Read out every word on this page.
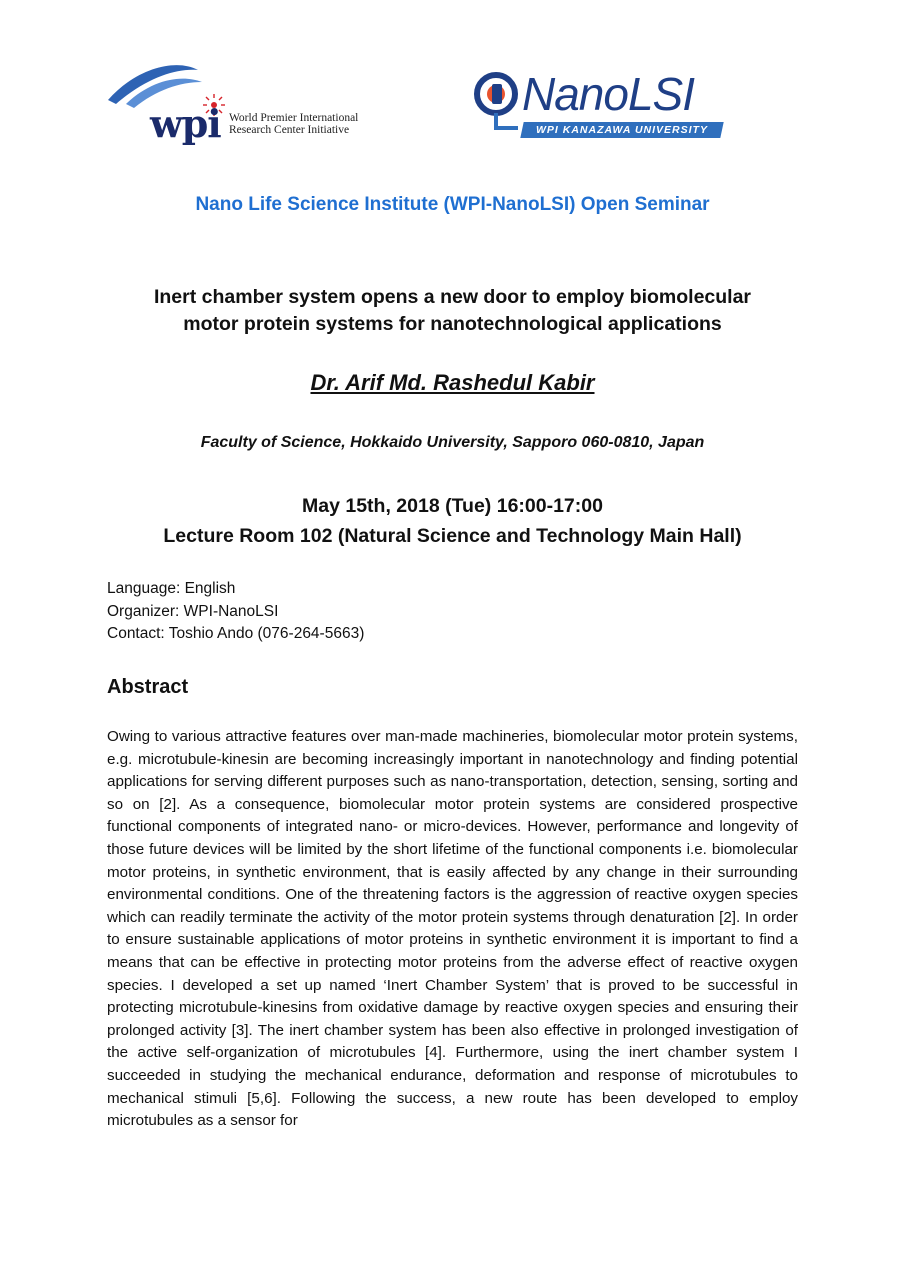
wpi World Premier International
Research Center Initiative
NanoLSI
WPI KANAZAWA UNIVERSITY
Nano Life Science Institute (WPI-NanoLSI) Open Seminar
Inert chamber system opens a new door to employ biomolecular
motor protein systems for nanotechnological applications
Dr. Arif Md. Rashedul Kabir
Faculty of Science, Hokkaido University, Sapporo 060-0810, Japan
May 15th, 2018 (Tue) 16:00-17:00
Lecture Room 102 (Natural Science and Technology Main Hall)
Language: English
Organizer: WPI-NanoLSI
Contact: Toshio Ando (076-264-5663)
Abstract
Owing to various attractive features over man-made machineries, biomolecular motor protein systems, e.g. microtubule-kinesin are becoming increasingly important in nanotechnology and finding potential applications for serving different purposes such as nano-transportation, detection, sensing, sorting and so on [2]. As a consequence, biomolecular motor protein systems are considered prospective functional components of integrated nano- or micro-devices. However, performance and longevity of those future devices will be limited by the short lifetime of the functional components i.e. biomolecular motor proteins, in synthetic environment, that is easily affected by any change in their surrounding environmental conditions. One of the threatening factors is the aggression of reactive oxygen species which can readily terminate the activity of the motor protein systems through denaturation [2]. In order to ensure sustainable applications of motor proteins in synthetic environment it is important to find a means that can be effective in protecting motor proteins from the adverse effect of reactive oxygen species. I developed a set up named ‘Inert Chamber System’ that is proved to be successful in protecting microtubule-kinesins from oxidative damage by reactive oxygen species and ensuring their prolonged activity [3]. The inert chamber system has been also effective in prolonged investigation of the active self-organization of microtubules [4]. Furthermore, using the inert chamber system I succeeded in studying the mechanical endurance, deformation and response of microtubules to mechanical stimuli [5,6]. Following the success, a new route has been developed to employ microtubules as a sensor for
